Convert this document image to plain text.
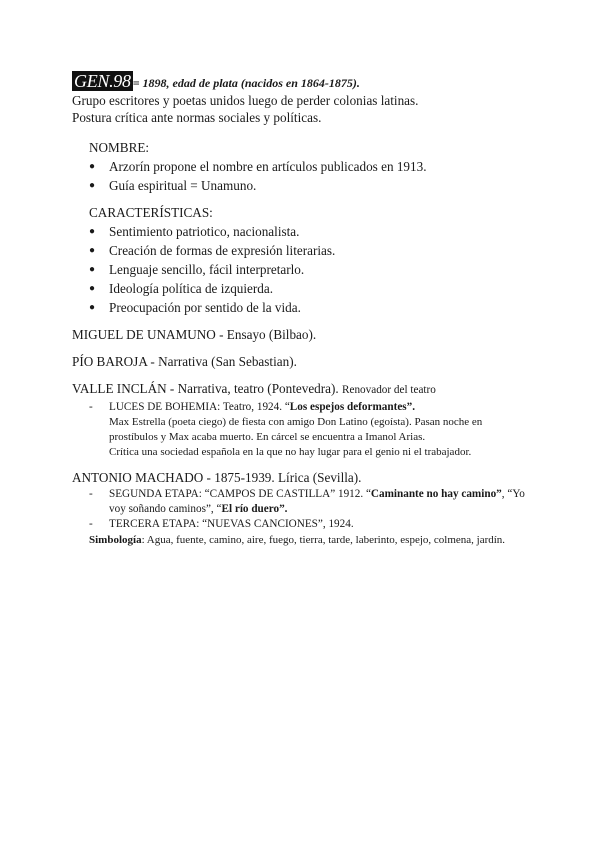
GEN.98 = 1898, edad de plata (nacidos en 1864-1875).

Grupo escritores y poetas unidos luego de perder colonias latinas.

Postura crítica ante normas sociales y políticas.

NOMBRE:

● Arzorín propone el nombre en artículos publicados en 1913.
● Guía espiritual = Unamuno.

CARACTERÍSTICAS:

● Sentimiento patriotico, nacionalista.
● Creación de formas de expresión literarias.
● Lenguaje sencillo, fácil interpretarlo.
● Ideología política de izquierda.
● Preocupación por sentido de la vida.

MIGUEL DE UNAMUNO - Ensayo (Bilbao).

PÍO BAROJA - Narrativa (San Sebastian).

VALLE INCLÁN - Narrativa, teatro (Pontevedra). Renovador del teatro

- LUCES DE BOHEMIA: Teatro, 1924. “Los espejos deformantes”.
Max Estrella (poeta ciego) de fiesta con amigo Don Latino (egoísta). Pasan noche en prostíbulos y Max acaba muerto. En cárcel se encuentra a Imanol Arias.
Crítica una sociedad española en la que no hay lugar para el genio ni el trabajador.

ANTONIO MACHADO - 1875-1939. Lírica (Sevilla).

- SEGUNDA ETAPA: “CAMPOS DE CASTILLA” 1912. “Caminante no hay camino”, “Yo voy soñando caminos”, “El río duero”.
- TERCERA ETAPA: “NUEVAS CANCIONES”, 1924.

Simbología: Agua, fuente, camino, aire, fuego, tierra, tarde, laberinto, espejo, colmena, jardín.
